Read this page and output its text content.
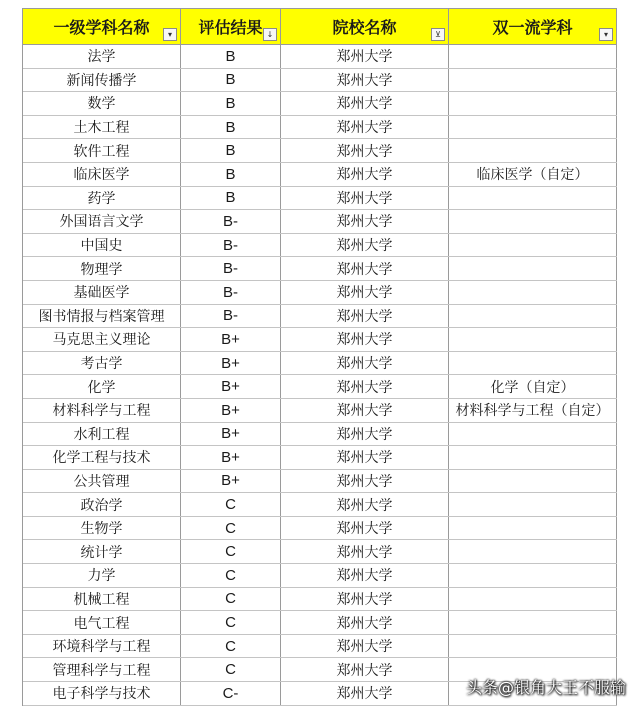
一级学科名称	▾	评估结果 ↓	院校名称	⊻	双一流学科	▾
法学	B	郑州大学
新闻传播学	B	郑州大学
数学	B	郑州大学
土木工程	B	郑州大学
软件工程	B	郑州大学
临床医学	B	郑州大学	临床医学（自定）
药学	B	郑州大学
外国语言文学	B-	郑州大学
中国史	B-	郑州大学
物理学	B-	郑州大学
基础医学	B-	郑州大学
图书情报与档案管理	B-	郑州大学
马克思主义理论	B+	郑州大学
考古学	B+	郑州大学
化学	B+	郑州大学	化学（自定）
材料科学与工程	B+	郑州大学	材料科学与工程（自定）
水利工程	B+	郑州大学
化学工程与技术	B+	郑州大学
公共管理	B+	郑州大学
政治学	C	郑州大学
生物学	C	郑州大学
统计学	C	郑州大学
力学	C	郑州大学
机械工程	C	郑州大学
电气工程	C	郑州大学
环境科学与工程	C	郑州大学
管理科学与工程	C	郑州大学
电子科学与技术	C-	郑州大学	头条@银角大王不服输
